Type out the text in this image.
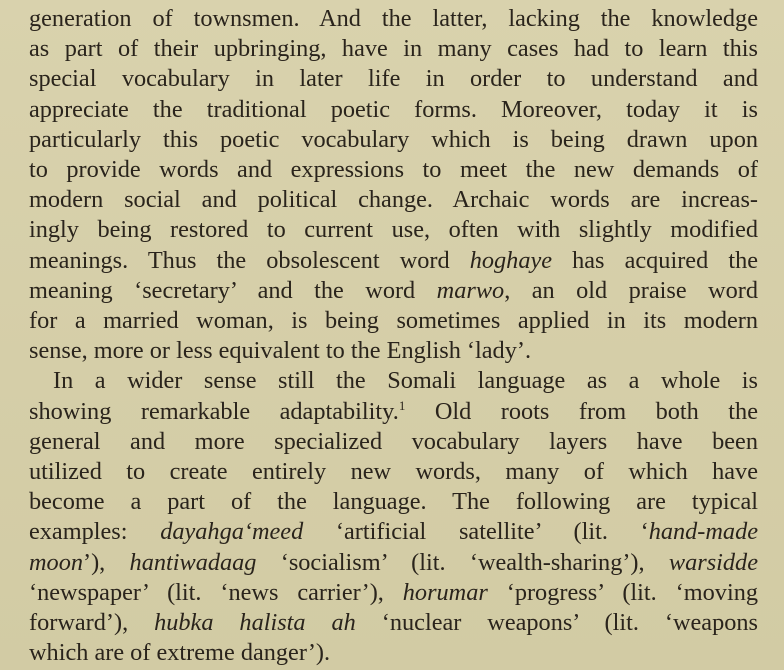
generation of townsmen. And the latter, lacking the knowledge
as part of their upbringing, have in many cases had to learn this
special vocabulary in later life in order to understand and
appreciate the traditional poetic forms. Moreover, today it is
particularly this poetic vocabulary which is being drawn upon
to provide words and expressions to meet the new demands of
modern social and political change. Archaic words are increas-
ingly being restored to current use, often with slightly modified
meanings. Thus the obsolescent word hoghaye has acquired the
meaning ‘secretary’ and the word marwo, an old praise word
for a married woman, is being sometimes applied in its modern
sense, more or less equivalent to the English ‘lady’.
In a wider sense still the Somali language as a whole is
showing remarkable adaptability.$^1$ Old roots from both the
general and more specialized vocabulary layers have been
utilized to create entirely new words, many of which have
become a part of the language. The following are typical
examples: dayahga‘meed ‘artificial satellite’ (lit. ‘hand-made
moon’), hantiwadaag ‘socialism’ (lit. ‘wealth-sharing’), warsidde
‘newspaper’ (lit. ‘news carrier’), horumar ‘progress’ (lit. ‘moving
forward’), hubka halista ah ‘nuclear weapons’ (lit. ‘weapons
which are of extreme danger’).
